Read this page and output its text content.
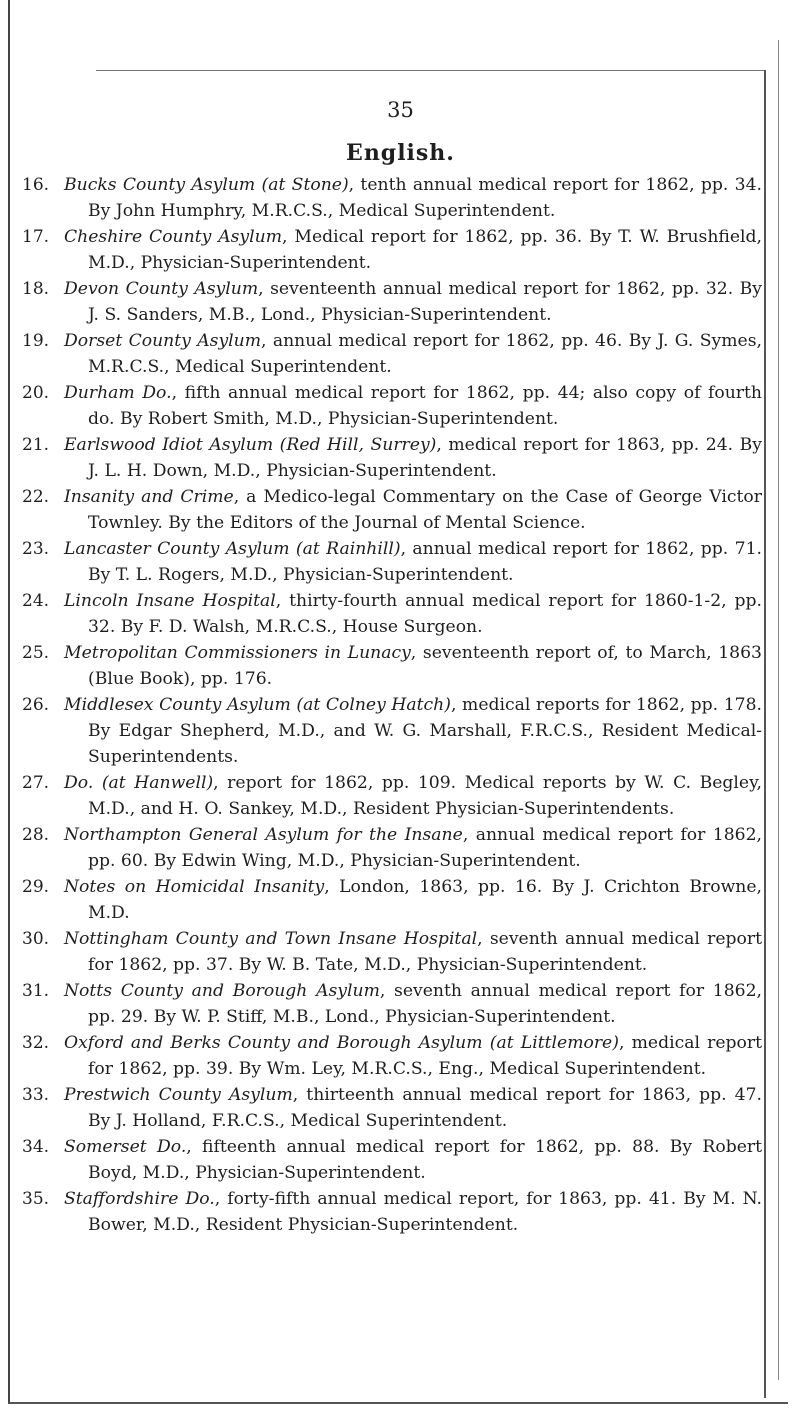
35
English.
16. Bucks County Asylum (at Stone), tenth annual medical report for 1862, pp. 34. By John Humphry, M.R.C.S., Medical Superintendent.
17. Cheshire County Asylum, Medical report for 1862, pp. 36. By T. W. Brushfield, M.D., Physician-Superintendent.
18. Devon County Asylum, seventeenth annual medical report for 1862, pp. 32. By J. S. Sanders, M.B., Lond., Physician-Superintendent.
19. Dorset County Asylum, annual medical report for 1862, pp. 46. By J. G. Symes, M.R.C.S., Medical Superintendent.
20. Durham Do., fifth annual medical report for 1862, pp. 44; also copy of fourth do. By Robert Smith, M.D., Physician-Superintendent.
21. Earlswood Idiot Asylum (Red Hill, Surrey), medical report for 1863, pp. 24. By J. L. H. Down, M.D., Physician-Superintendent.
22. Insanity and Crime, a Medico-legal Commentary on the Case of George Victor Townley. By the Editors of the Journal of Mental Science.
23. Lancaster County Asylum (at Rainhill), annual medical report for 1862, pp. 71. By T. L. Rogers, M.D., Physician-Superintendent.
24. Lincoln Insane Hospital, thirty-fourth annual medical report for 1860-1-2, pp. 32. By F. D. Walsh, M.R.C.S., House Surgeon.
25. Metropolitan Commissioners in Lunacy, seventeenth report of, to March, 1863 (Blue Book), pp. 176.
26. Middlesex County Asylum (at Colney Hatch), medical reports for 1862, pp. 178. By Edgar Shepherd, M.D., and W. G. Marshall, F.R.C.S., Resident Medical-Superintendents.
27. Do. (at Hanwell), report for 1862, pp. 109. Medical reports by W. C. Begley, M.D., and H. O. Sankey, M.D., Resident Physician-Superintendents.
28. Northampton General Asylum for the Insane, annual medical report for 1862, pp. 60. By Edwin Wing, M.D., Physician-Superintendent.
29. Notes on Homicidal Insanity, London, 1863, pp. 16. By J. Crichton Browne, M.D.
30. Nottingham County and Town Insane Hospital, seventh annual medical report for 1862, pp. 37. By W. B. Tate, M.D., Physician-Superintendent.
31. Notts County and Borough Asylum, seventh annual medical report for 1862, pp. 29. By W. P. Stiff, M.B., Lond., Physician-Superintendent.
32. Oxford and Berks County and Borough Asylum (at Littlemore), medical report for 1862, pp. 39. By Wm. Ley, M.R.C.S., Eng., Medical Superintendent.
33. Prestwich County Asylum, thirteenth annual medical report for 1863, pp. 47. By J. Holland, F.R.C.S., Medical Superintendent.
34. Somerset Do., fifteenth annual medical report for 1862, pp. 88. By Robert Boyd, M.D., Physician-Superintendent.
35. Staffordshire Do., forty-fifth annual medical report, for 1863, pp. 41. By M. N. Bower, M.D., Resident Physician-Superintendent.
